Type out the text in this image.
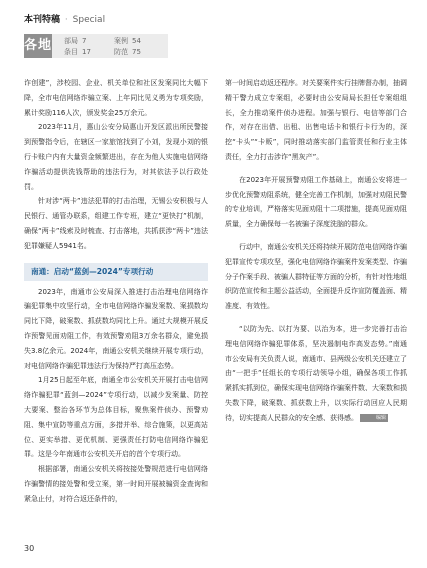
本刊特稿 · Special
各地 部局 7	案例 54
条目 17	防范 75

诈创建”，涉校园、企业、机关单位和社区发案同比大幅下降，全市电信网络诈骗立案、上年同比见义勇为专项奖励，累计奖励116人次，颁发奖金25万余元。

2023年11月，惠山公安分局惠山开发区派出所民警接到预警指令后，在辖区一家旅馆找到了小刘，发现小刘的银行卡账户内有大量资金频繁进出，存在为他人实施电信网络诈骗活动提供洗钱帮助的违法行为，对其依法予以行政处罚。

针对涉“两卡”违法犯罪的打击治理，无锡公安积极与人民银行、通管办联系，组建工作专班，建立“更快打”机制，确保“两卡”线索及时梳查、打击落地，共抓获涉“两卡”违法犯罪嫌疑人5941名。

南通：启动“蓝剑—2024”专项行动

2023年，南通市公安局深入推进打击治理电信网络诈骗犯罪集中攻坚行动，全市电信网络诈骗发案数、案损数均同比下降，破案数、抓获数均同比上升。通过大规模开展反诈预警见面劝阻工作，有效预警劝阻3万余名群众，避免损失3.8亿余元。2024年，南通公安机关继续开展专项行动，对电信网络诈骗犯罪违法行为保持严打高压态势。

1月25日起至年底，南通全市公安机关开展打击电信网络诈骗犯罪“蓝剑—2024”专项行动，以减少发案量、防控大要案、整治各环节为总体目标，聚焦案件侦办、预警劝阻、集中宣防等重点方面，多措并举、综合施策，以更高站位、更实举措、更优机制、更强责任打防电信网络诈骗犯罪。这是今年南通市公安机关开启的首个专项行动。

根据部署，南通公安机关将按接处警规范进行电信网络诈骗警情的接处警和受立案，第一时间开展被骗资金查询和紧急止付，对符合返还条件的，

第一时间启动返还程序。对关要案件实行挂牌督办制，抽调精干警力成立专案组，必要时由公安局局长担任专案组组长，全力推动案件侦办进程。加强与银行、电信等部门合作，对存在出借、出租、出售电话卡和银行卡行为的，深挖“卡头”“卡贩”，同时推动落实部门监管责任和行业主体责任，全力打击涉诈“黑灰产”。

在2023年开展预警劝阻工作基础上，南通公安将进一步优化预警劝阻系统，健全完善工作机制，加强对劝阻民警的专业培训，严格落实见面劝阻十二项措施，提高见面劝阻质量，全力确保每一名被骗子深度洗脑的群众。

行动中，南通公安机关还将持续开展防范电信网络诈骗犯罪宣传专项攻坚，强化电信网络诈骗案件发案类型、诈骗分子作案手段、被骗人群特征等方面的分析，有针对性地组织防范宣传和主题公益活动，全面提升反诈宣防覆盖面、精准度、有效性。

“以防为先、以打为要、以治为本，进一步完善打击治理电信网络诈骗犯罪体系，坚决遏制电诈高发态势。”南通市公安局有关负责人说，南通市、县两级公安机关还建立了由“一把手”任组长的专项行动领导小组，确保各项工作抓紧抓实抓到位，确保实现电信网络诈骗案件数、大案数和损失数下降，破案数、抓获数上升，以实际行动回应人民期待，切实提高人民群众的安全感、获得感。	编辑

30
